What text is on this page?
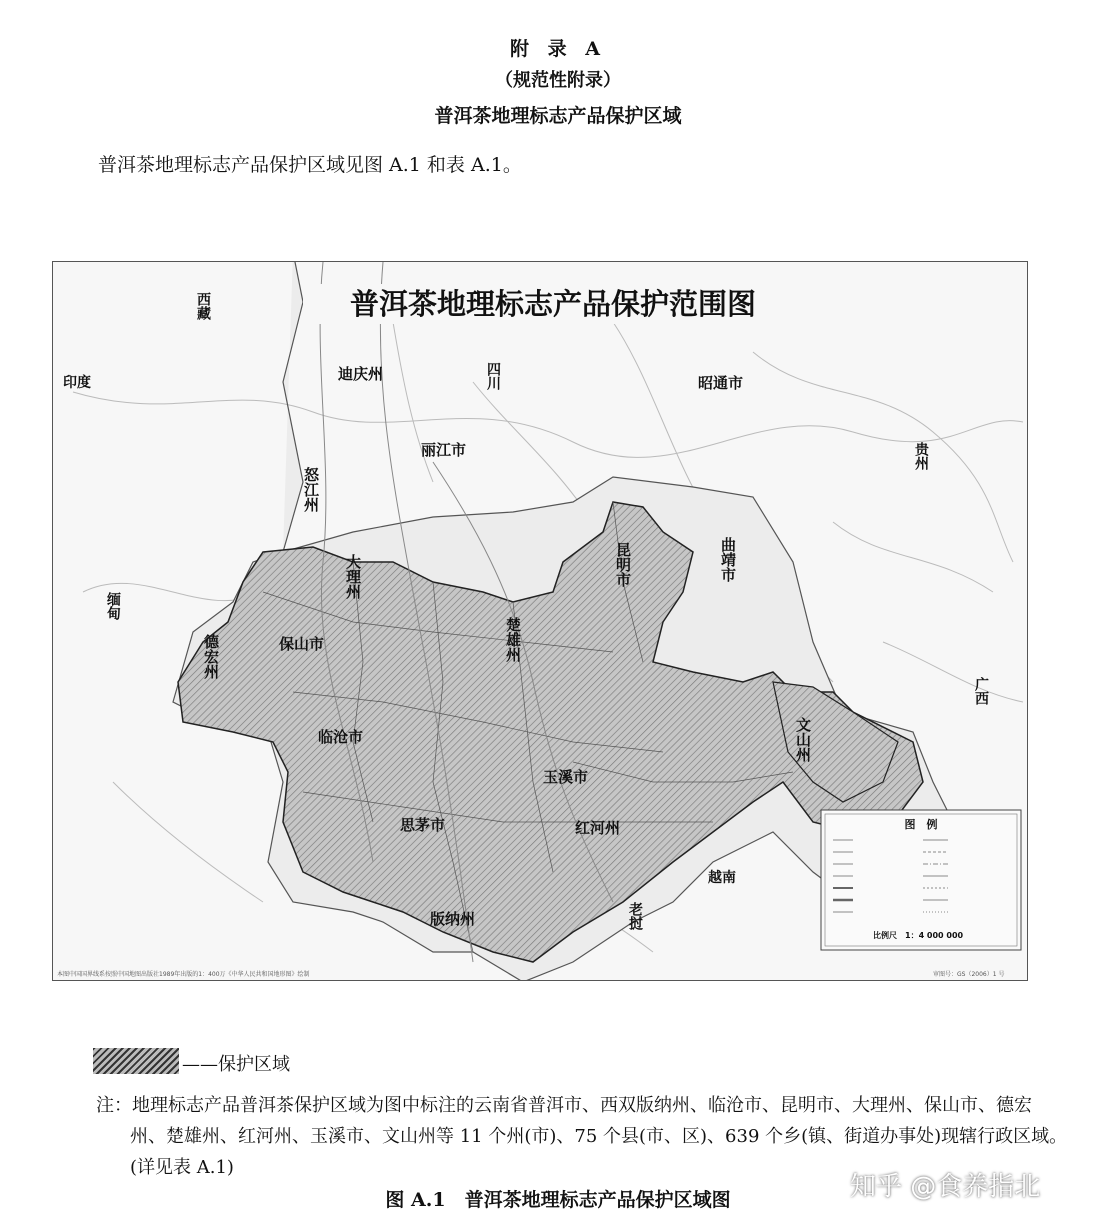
附 录 A
（规范性附录）
普洱茶地理标志产品保护区域
普洱茶地理标志产品保护区域见图 A.1 和表 A.1。
普洱茶地理标志产品保护范围图
迪庆州
丽江市
昭通市
怒江州
大理州
保山市
德宏州
临沧市
楚雄州
昆明市	曲靖市
玉溪市
红河州
文山州
思茅市
版纳州
印度
缅甸
老挝
越南
四川
贵州
广西
西藏
图　例
比例尺　1：4 000 000
本图中国国界线系按照中国地图出版社1989年出版的1：400万《中华人民共和国地形图》绘制	审图号：GS（2006）1 号
——保护区域
注：地理标志产品普洱茶保护区域为图中标注的云南省普洱市、西双版纳州、临沧市、昆明市、大理州、保山市、德宏
州、楚雄州、红河州、玉溪市、文山州等 11 个州(市)、75 个县(市、区)、639 个乡(镇、街道办事处)现辖行政区域。
(详见表 A.1)
知乎 @食养指北
图 A.1　普洱茶地理标志产品保护区域图
